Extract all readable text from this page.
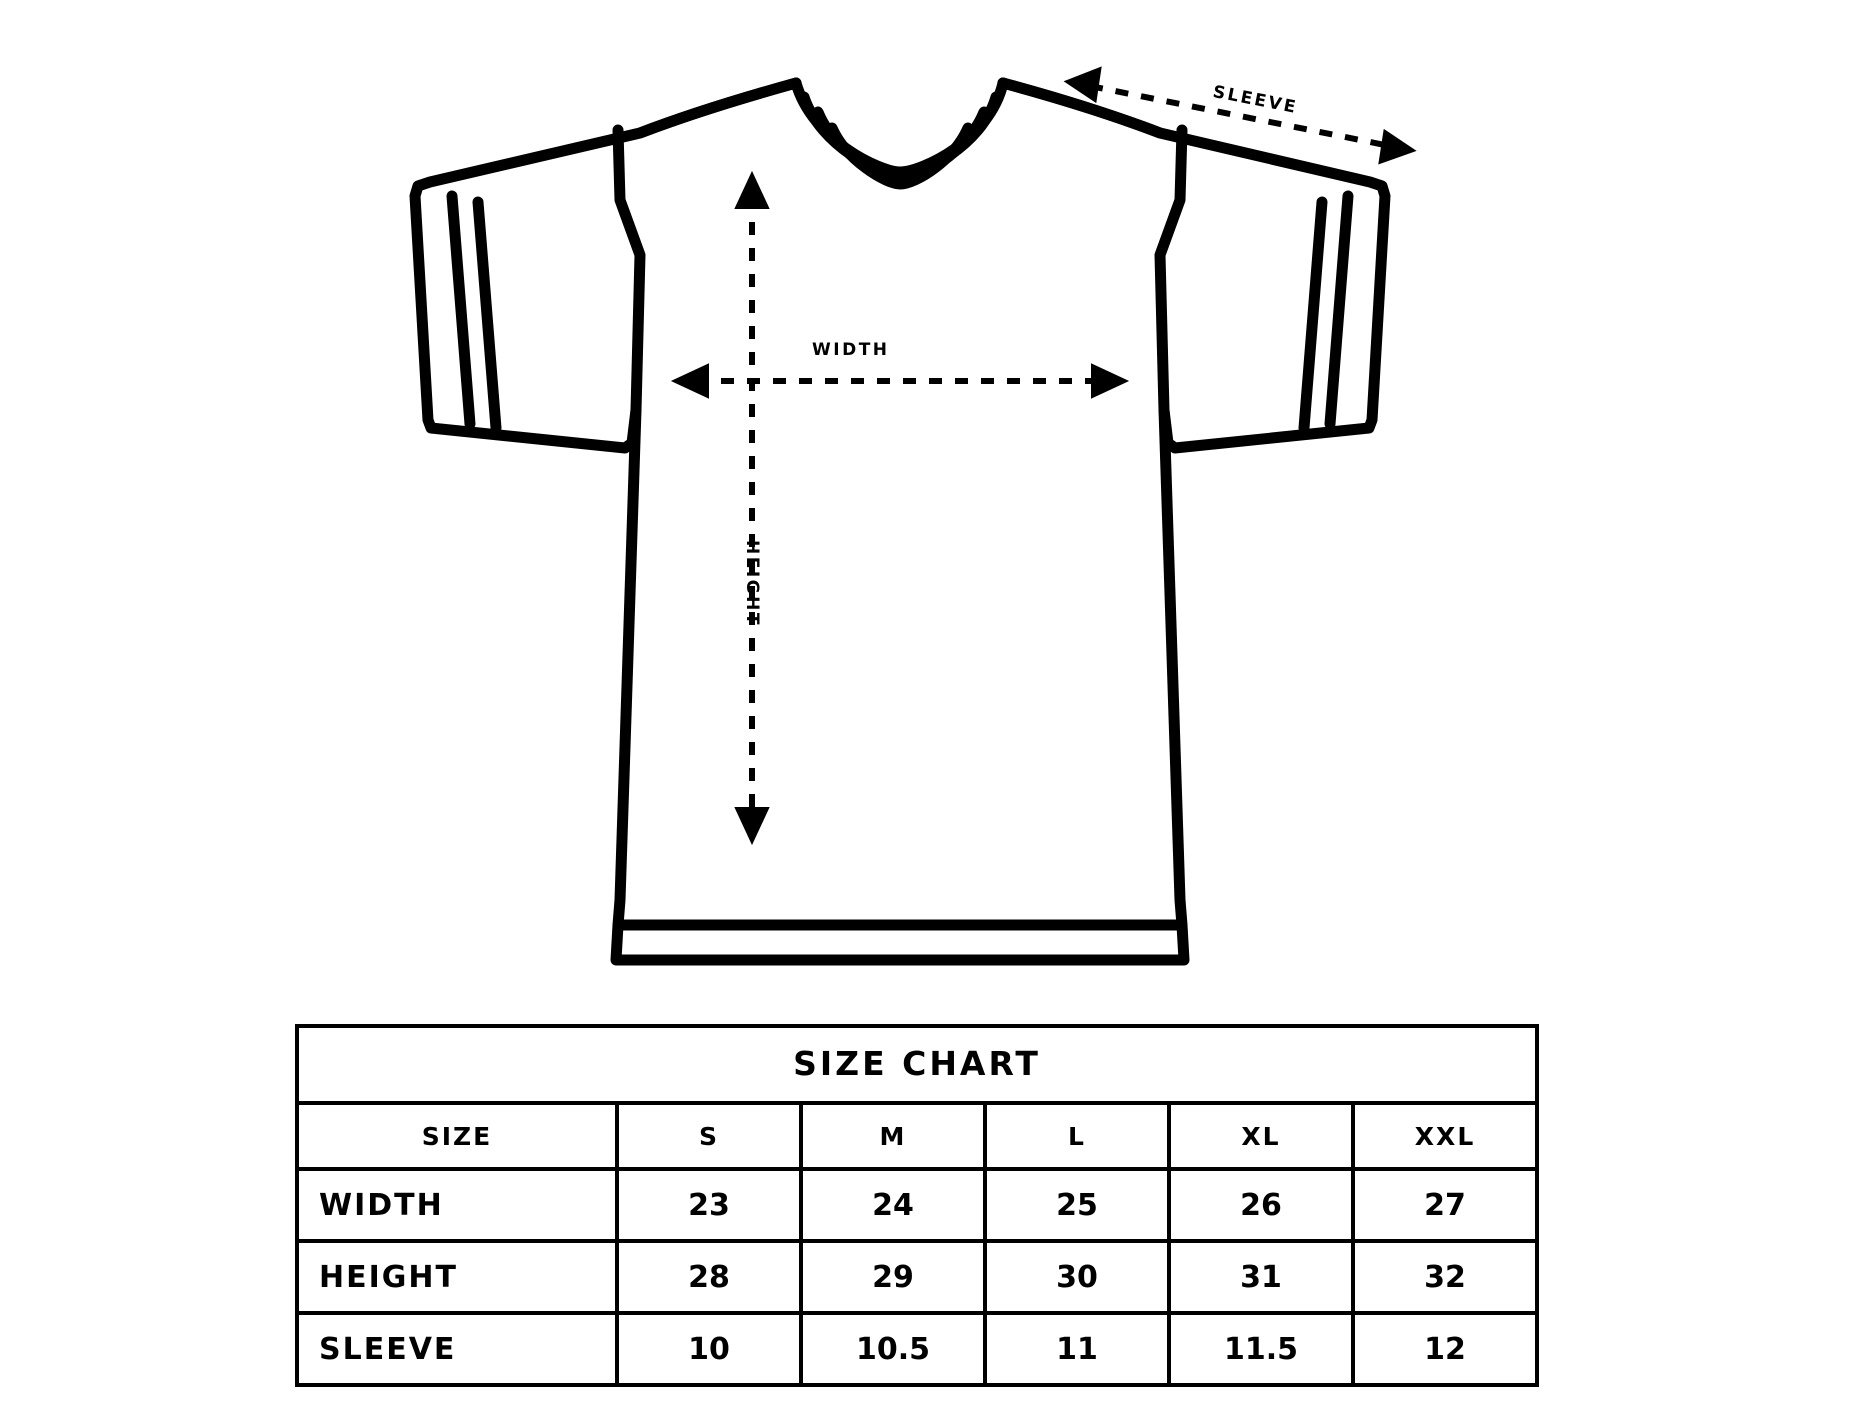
WIDTH
HEIGHT
SLEEVE
SIZE CHART					
SIZE	S	M	L	XL	XXL
WIDTH	23	24	25	26	27
HEIGHT	28	29	30	31	32
SLEEVE	10	10.5	11	11.5	12
